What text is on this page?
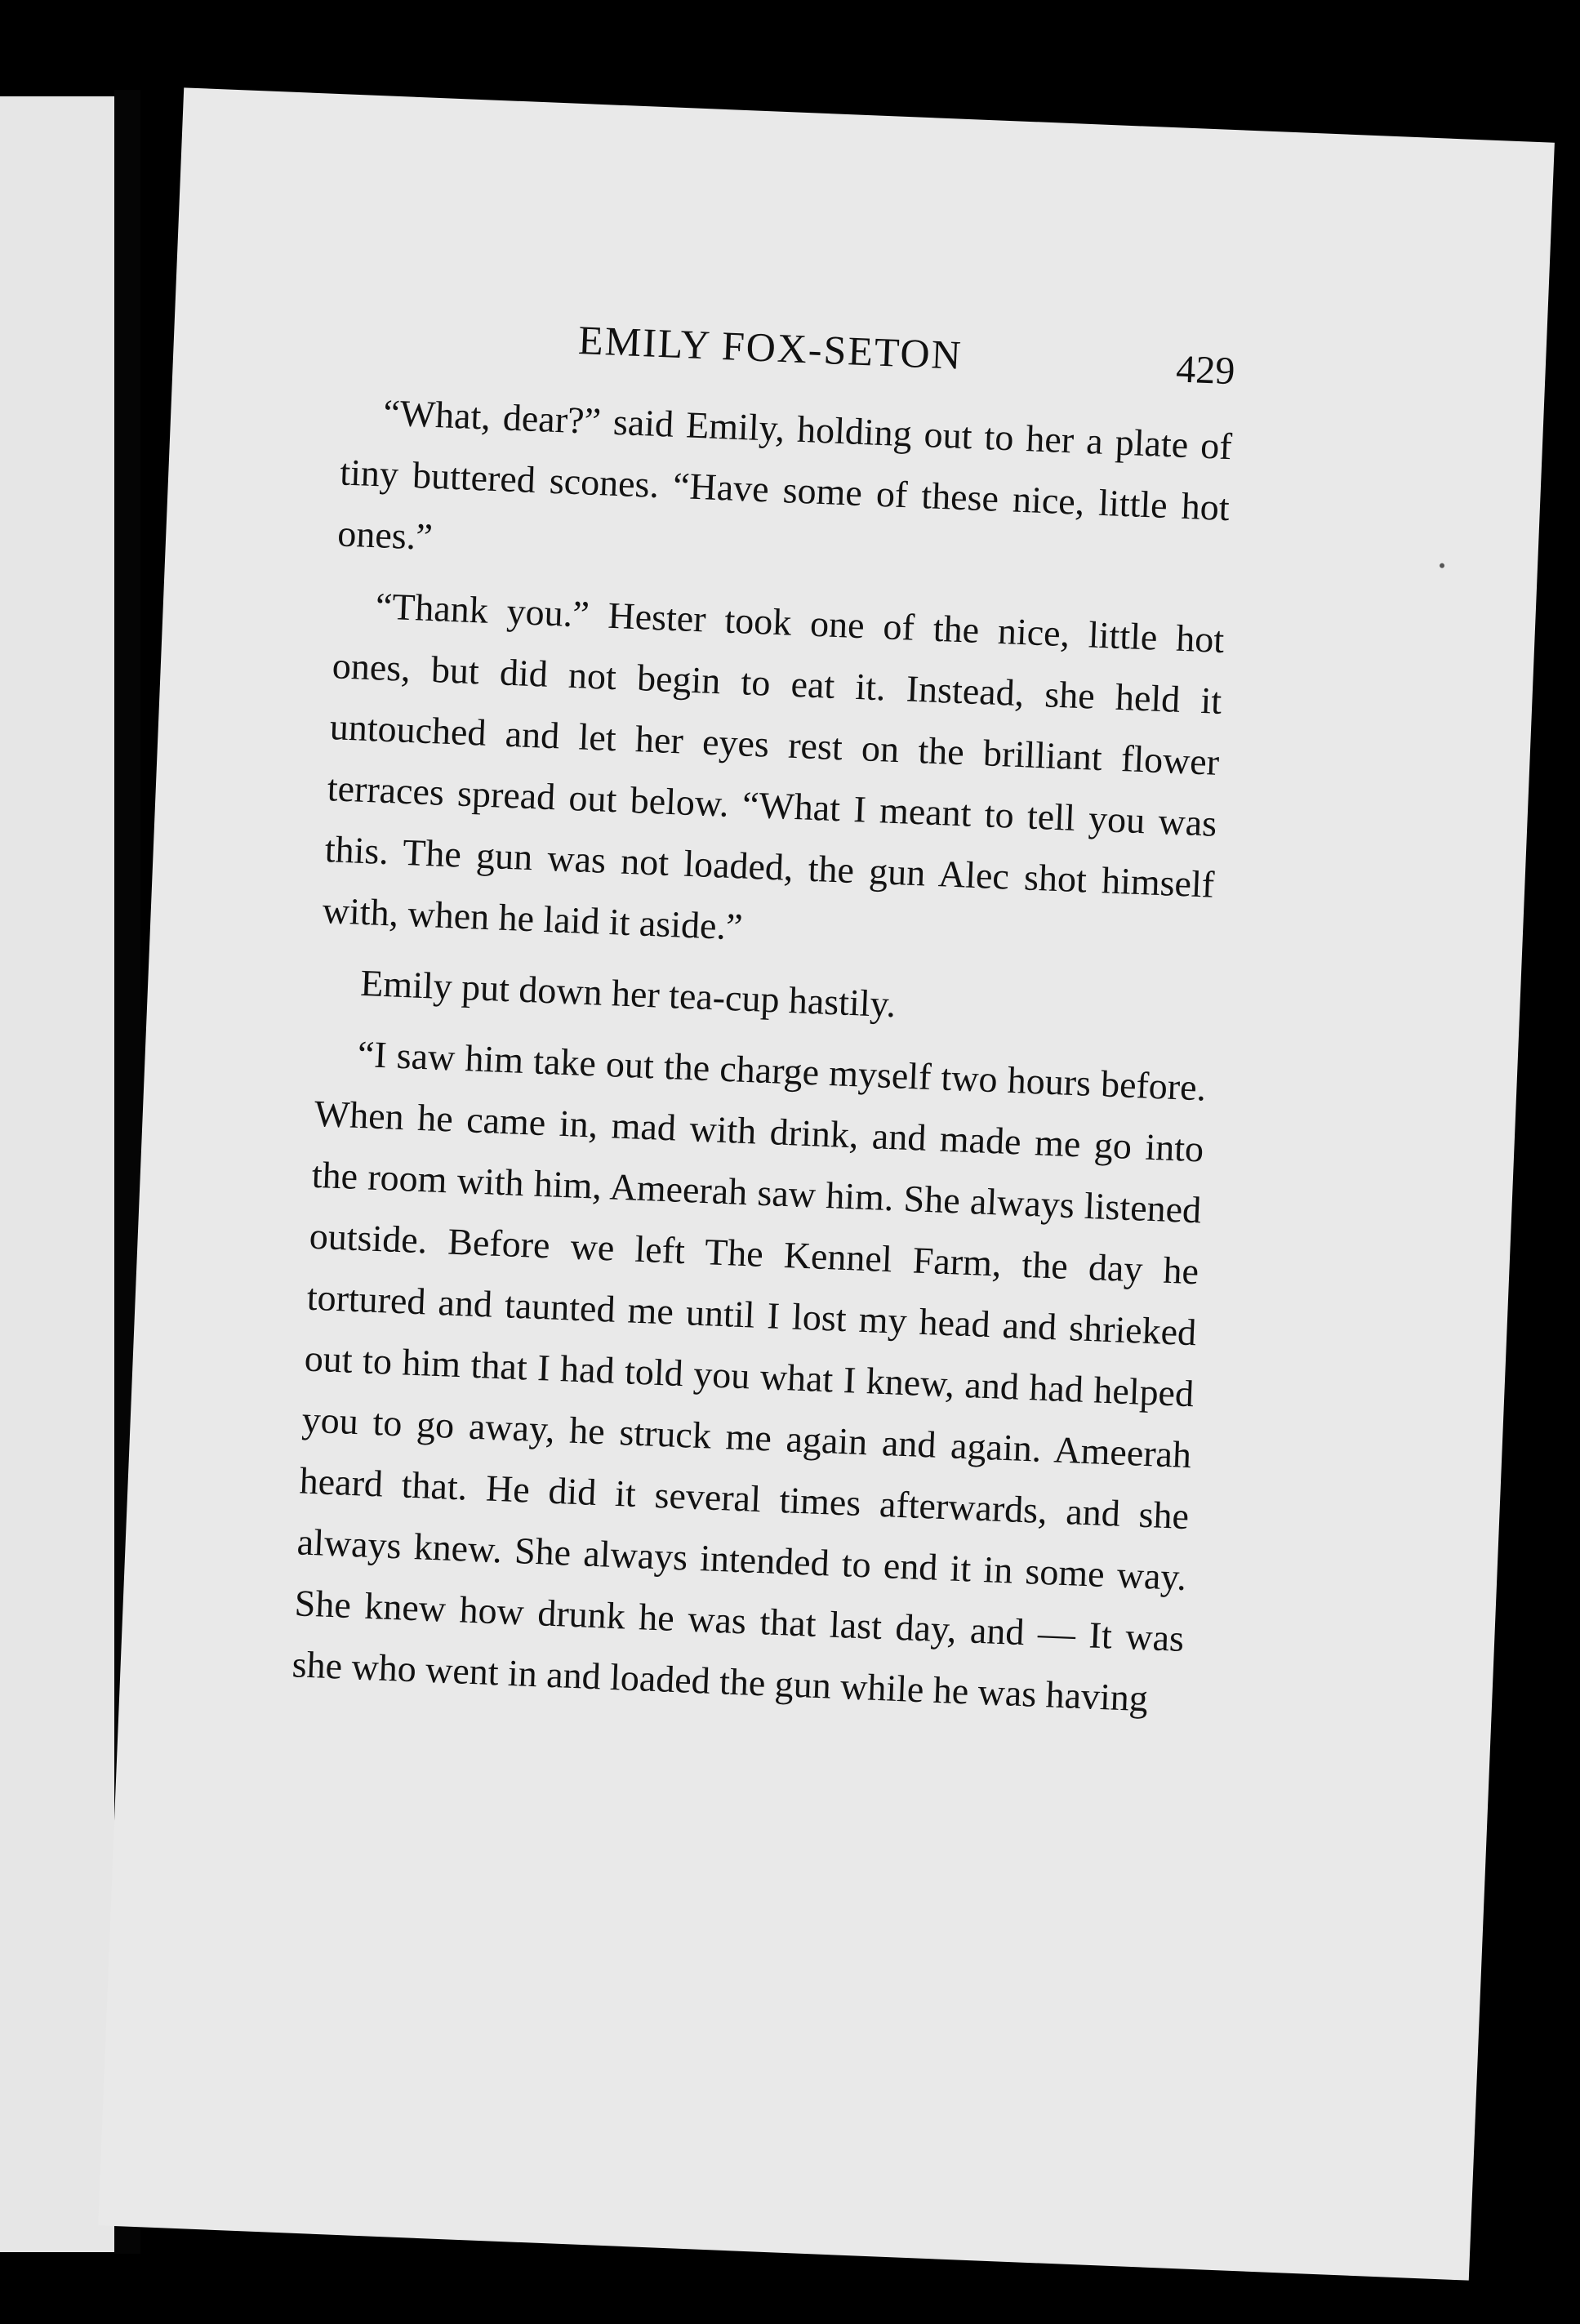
EMILY FOX-SETON	429

“What, dear?” said Emily, holding out to her a plate of tiny buttered scones. “Have some of these nice, little hot ones.”

“Thank you.” Hester took one of the nice, little hot ones, but did not begin to eat it. Instead, she held it untouched and let her eyes rest on the brilliant flower terraces spread out below. “What I meant to tell you was this. The gun was not loaded, the gun Alec shot himself with, when he laid it aside.”

Emily put down her tea-cup hastily.

“I saw him take out the charge myself two hours before. When he came in, mad with drink, and made me go into the room with him, Ameerah saw him. She always listened outside. Before we left The Kennel Farm, the day he tortured and taunted me until I lost my head and shrieked out to him that I had told you what I knew, and had helped you to go away, he struck me again and again. Ameerah heard that. He did it several times afterwards, and she always knew. She always intended to end it in some way. She knew how drunk he was that last day, and — It was she who went in and loaded the gun while he was having
